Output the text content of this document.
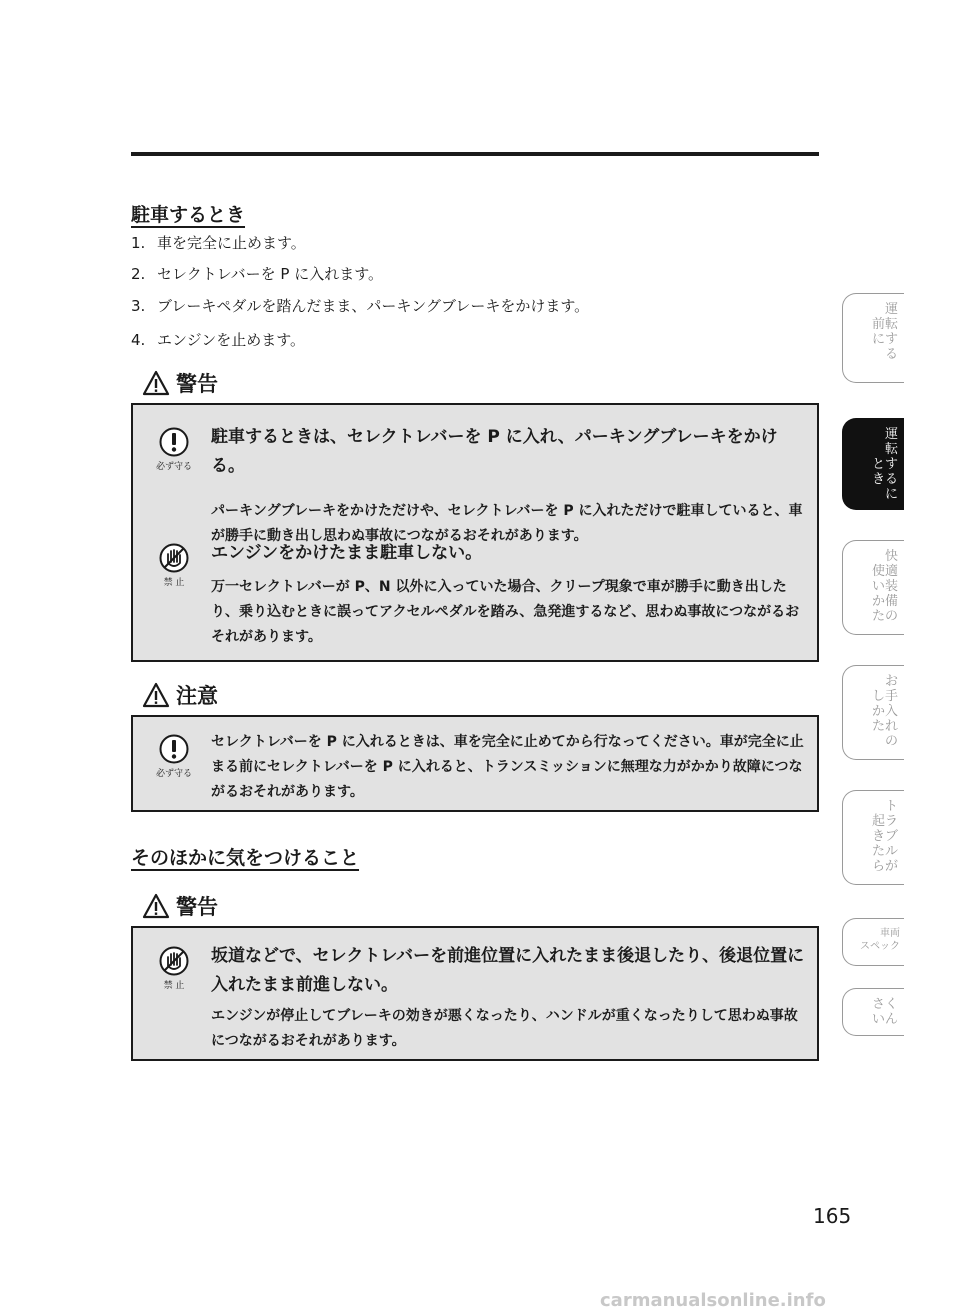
駐車するとき
1. 車を完全に止めます。
2. セレクトレバーを P に入れます。
3. ブレーキペダルを踏んだまま、パーキングブレーキをかけます。
4. エンジンを止めます。
警告
必ず守る
駐車するときは、セレクトレバーを P に入れ、パーキングブレーキをかける。
パーキングブレーキをかけただけや、セレクトレバーを P に入れただけで駐車していると、車が勝手に動き出し思わぬ事故につながるおそれがあります。
禁 止
エンジンをかけたまま駐車しない。
万一セレクトレバーが P、N 以外に入っていた場合、クリープ現象で車が勝手に動き出したり、乗り込むときに誤ってアクセルペダルを踏み、急発進するなど、思わぬ事故につながるおそれがあります。
注意
必ず守る
セレクトレバーを P に入れるときは、車を完全に止めてから行なってください。車が完全に止まる前にセレクトレバーを P に入れると、トランスミッションに無理な力がかかり故障につながるおそれがあります。
そのほかに気をつけること
警告
禁 止
坂道などで、セレクトレバーを前進位置に入れたまま後退したり、後退位置に入れたまま前進しない。
エンジンが停止してブレーキの効きが悪くなったり、ハンドルが重くなったりして思わぬ事故につながるおそれがあります。
運
前転
にす
る
運
転
とす
きる
に
快
使適
い装
か備
たの
お
し手
か入
たれ
の
ト
起ラ
きブ
たル
らが
車両
スペック
さく
いん
165
carmanualsonline.info
